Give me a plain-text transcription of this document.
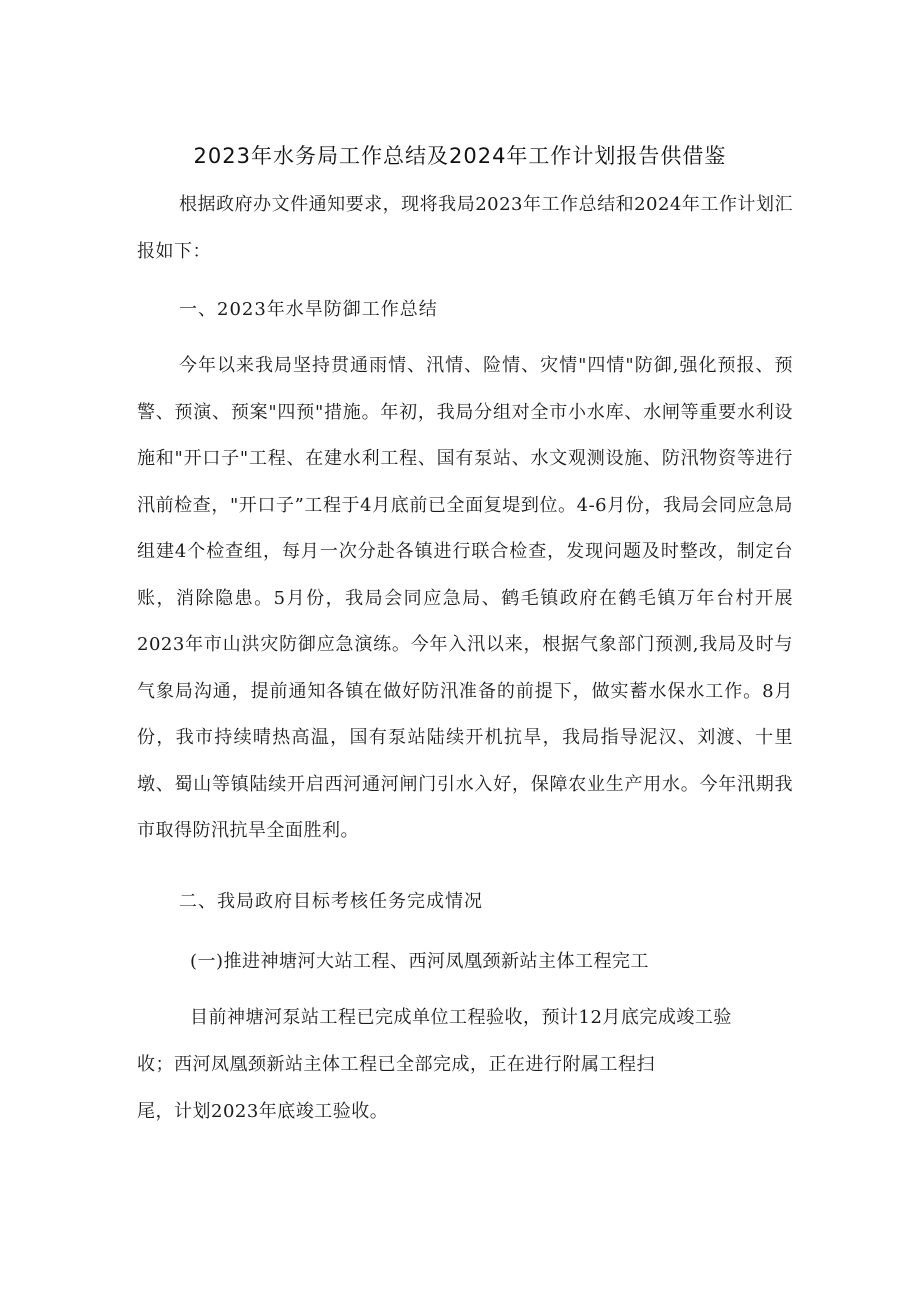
2023年水务局工作总结及2024年工作计划报告供借鉴

根据政府办文件通知要求，现将我局2023年工作总结和2024年工作计划汇报如下：

一、2023年水旱防御工作总结

今年以来我局坚持贯通雨情、汛情、险情、灾情"四情"防御,强化预报、预警、预演、预案"四预"措施。年初，我局分组对全市小水库、水闸等重要水利设施和"开口子"工程、在建水利工程、国有泵站、水文观测设施、防汛物资等进行汛前检查，"开口子”工程于4月底前已全面复堤到位。4-6月份，我局会同应急局组建4个检查组，每月一次分赴各镇进行联合检查，发现问题及时整改，制定台账，消除隐患。5月份，我局会同应急局、鹤毛镇政府在鹤毛镇万年台村开展2023年市山洪灾防御应急演练。今年入汛以来，根据气象部门预测,我局及时与气象局沟通，提前通知各镇在做好防汛准备的前提下，做实蓄水保水工作。8月份，我市持续晴热高温，国有泵站陆续开机抗旱，我局指导泥汉、刘渡、十里墩、蜀山等镇陆续开启西河通河闸门引水入好，保障农业生产用水。今年汛期我市取得防汛抗旱全面胜利。

二、我局政府目标考核任务完成情况

(一)推进神塘河大站工程、西河凤凰颈新站主体工程完工

目前神塘河泵站工程已完成单位工程验收，预计12月底完成竣工验

收；西河凤凰颈新站主体工程已全部完成，正在进行附属工程扫

尾，计划2023年底竣工验收。
